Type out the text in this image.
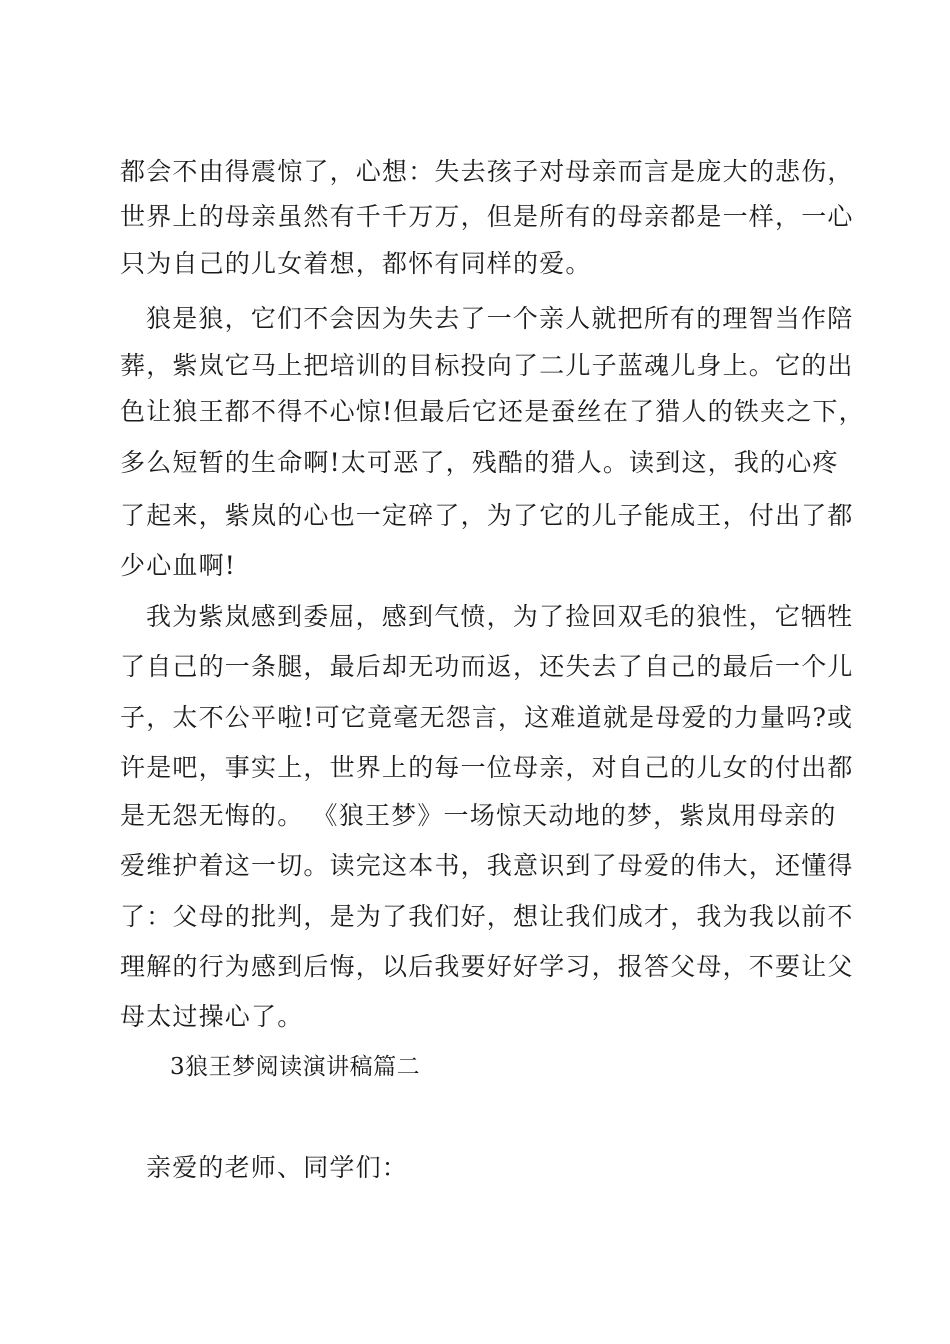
都会不由得震惊了，心想：失去孩子对母亲而言是庞大的悲伤，
世界上的母亲虽然有千千万万，但是所有的母亲都是一样，一心
只为自己的儿女着想，都怀有同样的爱。
狼是狼，它们不会因为失去了一个亲人就把所有的理智当作陪
葬，紫岚它马上把培训的目标投向了二儿子蓝魂儿身上。它的出
色让狼王都不得不心惊!但最后它还是蚕丝在了猎人的铁夹之下，
多么短暂的生命啊!太可恶了，残酷的猎人。读到这，我的心疼
了起来，紫岚的心也一定碎了，为了它的儿子能成王，付出了都
少心血啊!
我为紫岚感到委屈，感到气愤，为了捡回双毛的狼性，它牺牲
了自己的一条腿，最后却无功而返，还失去了自己的最后一个儿
子，太不公平啦!可它竟毫无怨言，这难道就是母爱的力量吗?或
许是吧，事实上，世界上的每一位母亲，对自己的儿女的付出都
是无怨无悔的。 《狼王梦》一场惊天动地的梦，紫岚用母亲的
爱维护着这一切。读完这本书，我意识到了母爱的伟大，还懂得
了：父母的批判，是为了我们好，想让我们成才，我为我以前不
理解的行为感到后悔，以后我要好好学习，报答父母，不要让父
母太过操心了。
3狼王梦阅读演讲稿篇二
亲爱的老师、同学们：
